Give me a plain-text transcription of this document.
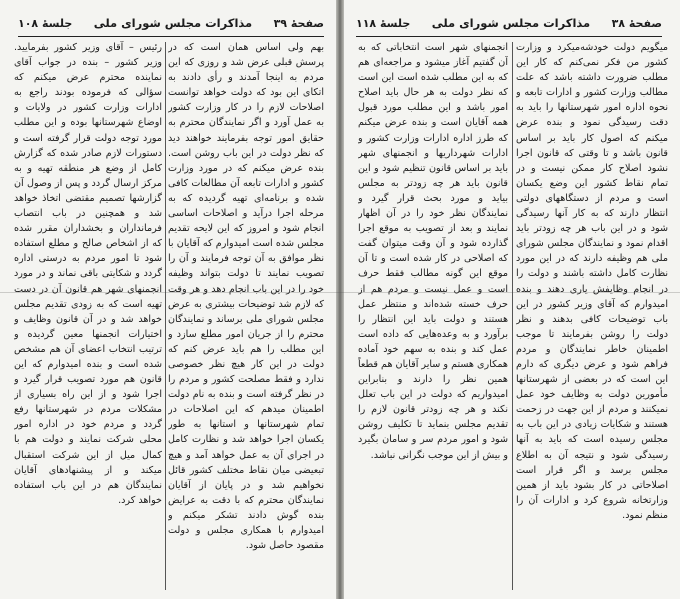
صفحهٔ ۳۹
مذاکرات مجلس شورای ملی
جلسهٔ ۱۰۸

بهم ولی اساس همان است که در پرسش قبلی عرض شد و روزی که این مردم به اینجا آمدند و رأی دادند به اتکای این بود که دولت خواهد توانست اصلاحات لازم را در کار وزارت کشور به عمل آورد و اگر نمایندگان محترم به حقایق امور توجه بفرمایند خواهند دید که نظر دولت در این باب روشن است. بنده عرض میکنم که در مورد وزارت کشور و ادارات تابعه آن مطالعات کافی شده و برنامه‌ای تهیه گردیده که به مرحله اجرا درآید و اصلاحات اساسی انجام شود و امروز که این لایحه تقدیم مجلس شده است امیدوارم که آقایان با نظر موافق به آن توجه فرمایند و آن را تصویب نمایند تا دولت بتواند وظیفه خود را در این باب انجام دهد و هر وقت که لازم شد توضیحات بیشتری به عرض مجلس شورای ملی برساند و نمایندگان محترم را از جریان امور مطلع سازد و این مطلب را هم باید عرض کنم که دولت در این کار هیچ نظر خصوصی ندارد و فقط مصلحت کشور و مردم را در نظر گرفته است و بنده به نام دولت اطمینان میدهم که این اصلاحات در تمام شهرستانها و استانها به طور یکسان اجرا خواهد شد و نظارت کامل در اجرای آن به عمل خواهد آمد و هیچ تبعیضی میان نقاط مختلف کشور قائل نخواهیم شد و در پایان از آقایان نمایندگان محترم که با دقت به عرایض بنده گوش دادند تشکر میکنم و امیدوارم با همکاری مجلس و دولت مقصود حاصل شود.

رئیس – آقای وزیر کشور بفرمایید. وزیر کشور – بنده در جواب آقای نماینده محترم عرض میکنم که سؤالی که فرموده بودند راجع به ادارات وزارت کشور در ولایات و اوضاع شهرستانها بوده و این مطلب مورد توجه دولت قرار گرفته است و دستورات لازم صادر شده که گزارش کامل از وضع هر منطقه تهیه و به مرکز ارسال گردد و پس از وصول آن گزارشها تصمیم مقتضی اتخاذ خواهد شد و همچنین در باب انتصاب فرمانداران و بخشداران مقرر شده که از اشخاص صالح و مطلع استفاده شود تا امور مردم به درستی اداره گردد و شکایتی باقی نماند و در مورد انجمنهای شهر هم قانون آن در دست تهیه است که به زودی تقدیم مجلس خواهد شد و در آن قانون وظایف و اختیارات انجمنها معین گردیده و ترتیب انتخاب اعضای آن هم مشخص شده است و بنده امیدوارم که این قانون هم مورد تصویب قرار گیرد و اجرا شود و از این راه بسیاری از مشکلات مردم در شهرستانها رفع گردد و مردم خود در اداره امور محلی شرکت نمایند و دولت هم با کمال میل از این شرکت استقبال میکند و از پیشنهادهای آقایان نمایندگان هم در این باب استفاده خواهد کرد.

صفحهٔ ۳۸
مذاکرات مجلس شورای ملی
جلسهٔ ۱۱۸

میگویم دولت خودشه‌میکرد و وزارت کشور من فکر نمی‌کنم که کار این مطلب ضرورت داشته باشد که علت مطالب وزارت کشور و ادارات تابعه و نحوه اداره امور شهرستانها را باید به دقت رسیدگی نمود و بنده عرض میکنم که اصول کار باید بر اساس قانون باشد و تا وقتی که قانون اجرا نشود اصلاح کار ممکن نیست و در تمام نقاط کشور این وضع یکسان است و مردم از دستگاههای دولتی انتظار دارند که به کار آنها رسیدگی شود و در این باب هر چه زودتر باید اقدام نمود و نمایندگان مجلس شورای ملی هم وظیفه دارند که در این مورد نظارت کامل داشته باشند و دولت را در انجام وظایفش یاری دهند و بنده امیدوارم که آقای وزیر کشور در این باب توضیحات کافی بدهند و نظر دولت را روشن بفرمایند تا موجب اطمینان خاطر نمایندگان و مردم فراهم شود و عرض دیگری که دارم این است که در بعضی از شهرستانها مأمورین دولت به وظایف خود عمل نمیکنند و مردم از این جهت در زحمت هستند و شکایات زیادی در این باب به مجلس رسیده است که باید به آنها رسیدگی شود و نتیجه آن به اطلاع مجلس برسد و اگر قرار است اصلاحاتی در کار بشود باید از همین وزارتخانه شروع کرد و ادارات آن را منظم نمود.

انجمنهای شهر است انتخاباتی که به آن گفتیم آغاز میشود و مراجعه‌ای هم که به این مطلب شده است این است که نظر دولت به هر حال باید اصلاح امور باشد و این مطلب مورد قبول همه آقایان است و بنده عرض میکنم که طرز اداره ادارات وزارت کشور و ادارات شهرداریها و انجمنهای شهر باید بر اساس قانون تنظیم شود و این قانون باید هر چه زودتر به مجلس بیاید و مورد بحث قرار گیرد و نمایندگان نظر خود را در آن اظهار نمایند و بعد از تصویب به موقع اجرا گذارده شود و آن وقت میتوان گفت که اصلاحی در کار شده است و تا آن موقع این گونه مطالب فقط حرف است و عمل نیست و مردم هم از حرف خسته شده‌اند و منتظر عمل هستند و دولت باید این انتظار را برآورد و به وعده‌هایی که داده است عمل کند و بنده به سهم خود آماده همکاری هستم و سایر آقایان هم قطعاً همین نظر را دارند و بنابراین امیدواریم که دولت در این باب تعلل نکند و هر چه زودتر قانون لازم را تقدیم مجلس بنماید تا تکلیف روشن شود و امور مردم سر و سامان بگیرد و بیش از این موجب نگرانی نباشد.
